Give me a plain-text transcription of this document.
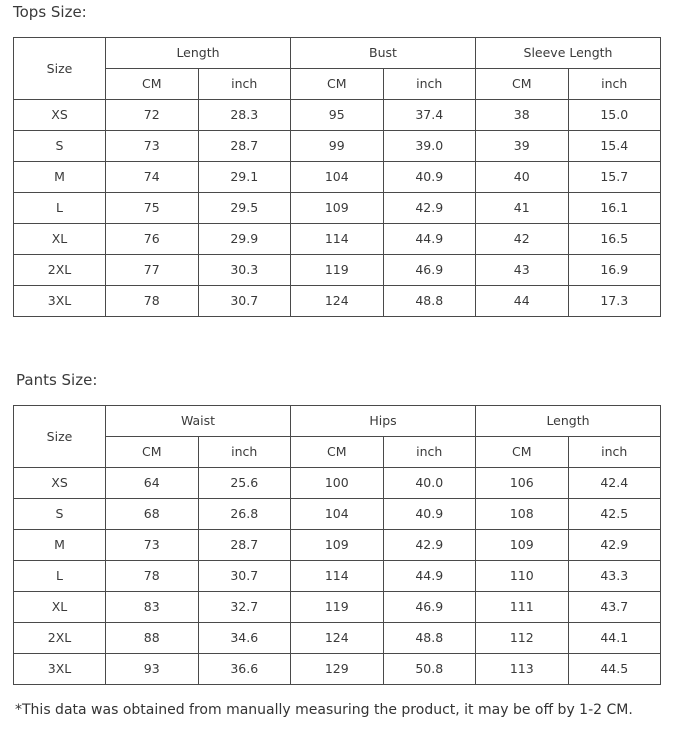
Tops Size:
Size	Length		Bust		Sleeve Length	
	CM	inch	CM	inch	CM	inch
XS	72	28.3	95	37.4	38	15.0
S	73	28.7	99	39.0	39	15.4
M	74	29.1	104	40.9	40	15.7
L	75	29.5	109	42.9	41	16.1
XL	76	29.9	114	44.9	42	16.5
2XL	77	30.3	119	46.9	43	16.9
3XL	78	30.7	124	48.8	44	17.3
Pants Size:
Size	Waist		Hips		Length	
	CM	inch	CM	inch	CM	inch
XS	64	25.6	100	40.0	106	42.4
S	68	26.8	104	40.9	108	42.5
M	73	28.7	109	42.9	109	42.9
L	78	30.7	114	44.9	110	43.3
XL	83	32.7	119	46.9	111	43.7
2XL	88	34.6	124	48.8	112	44.1
3XL	93	36.6	129	50.8	113	44.5
*This data was obtained from manually measuring the product, it may be off by 1-2 CM.
